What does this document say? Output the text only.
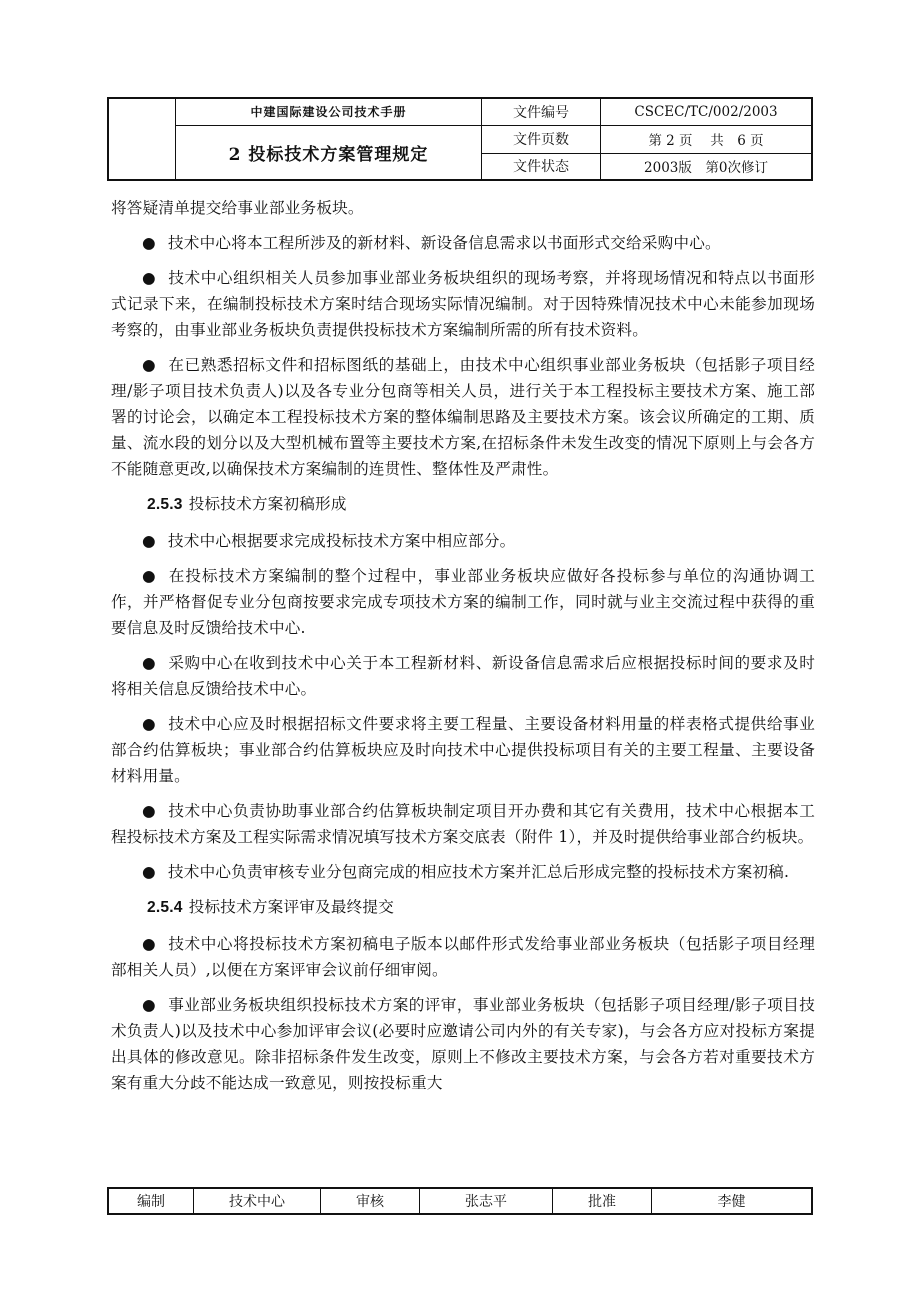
	中建国际建设公司技术手册	文件编号	CSCEC/TC/002/2003
	2 投标技术方案管理规定	文件页数	第 2 页　 共　6 页
		文件状态	2003版　第0次修订

将答疑清单提交给事业部业务板块。

● 技术中心将本工程所涉及的新材料、新设备信息需求以书面形式交给采购中心。

● 技术中心组织相关人员参加事业部业务板块组织的现场考察，并将现场情况和特点以书面形式记录下来，在编制投标技术方案时结合现场实际情况编制。对于因特殊情况技术中心未能参加现场考察的，由事业部业务板块负责提供投标技术方案编制所需的所有技术资料。

● 在已熟悉招标文件和招标图纸的基础上，由技术中心组织事业部业务板块（包括影子项目经理/影子项目技术负责人)以及各专业分包商等相关人员，进行关于本工程投标主要技术方案、施工部署的讨论会，以确定本工程投标技术方案的整体编制思路及主要技术方案。该会议所确定的工期、质量、流水段的划分以及大型机械布置等主要技术方案,在招标条件未发生改变的情况下原则上与会各方不能随意更改,以确保技术方案编制的连贯性、整体性及严肃性。

2.5.3 投标技术方案初稿形成

● 技术中心根据要求完成投标技术方案中相应部分。

● 在投标技术方案编制的整个过程中，事业部业务板块应做好各投标参与单位的沟通协调工作，并严格督促专业分包商按要求完成专项技术方案的编制工作，同时就与业主交流过程中获得的重要信息及时反馈给技术中心.

● 采购中心在收到技术中心关于本工程新材料、新设备信息需求后应根据投标时间的要求及时将相关信息反馈给技术中心。

● 技术中心应及时根据招标文件要求将主要工程量、主要设备材料用量的样表格式提供给事业部合约估算板块；事业部合约估算板块应及时向技术中心提供投标项目有关的主要工程量、主要设备材料用量。

● 技术中心负责协助事业部合约估算板块制定项目开办费和其它有关费用，技术中心根据本工程投标技术方案及工程实际需求情况填写技术方案交底表（附件 1），并及时提供给事业部合约板块。

● 技术中心负责审核专业分包商完成的相应技术方案并汇总后形成完整的投标技术方案初稿.

2.5.4 投标技术方案评审及最终提交

● 技术中心将投标技术方案初稿电子版本以邮件形式发给事业部业务板块（包括影子项目经理部相关人员）,以便在方案评审会议前仔细审阅。

● 事业部业务板块组织投标技术方案的评审，事业部业务板块（包括影子项目经理/影子项目技术负责人)以及技术中心参加评审会议(必要时应邀请公司内外的有关专家)，与会各方应对投标方案提出具体的修改意见。除非招标条件发生改变，原则上不修改主要技术方案，与会各方若对重要技术方案有重大分歧不能达成一致意见，则按投标重大

编制	技术中心	审核	张志平	批准	李健
